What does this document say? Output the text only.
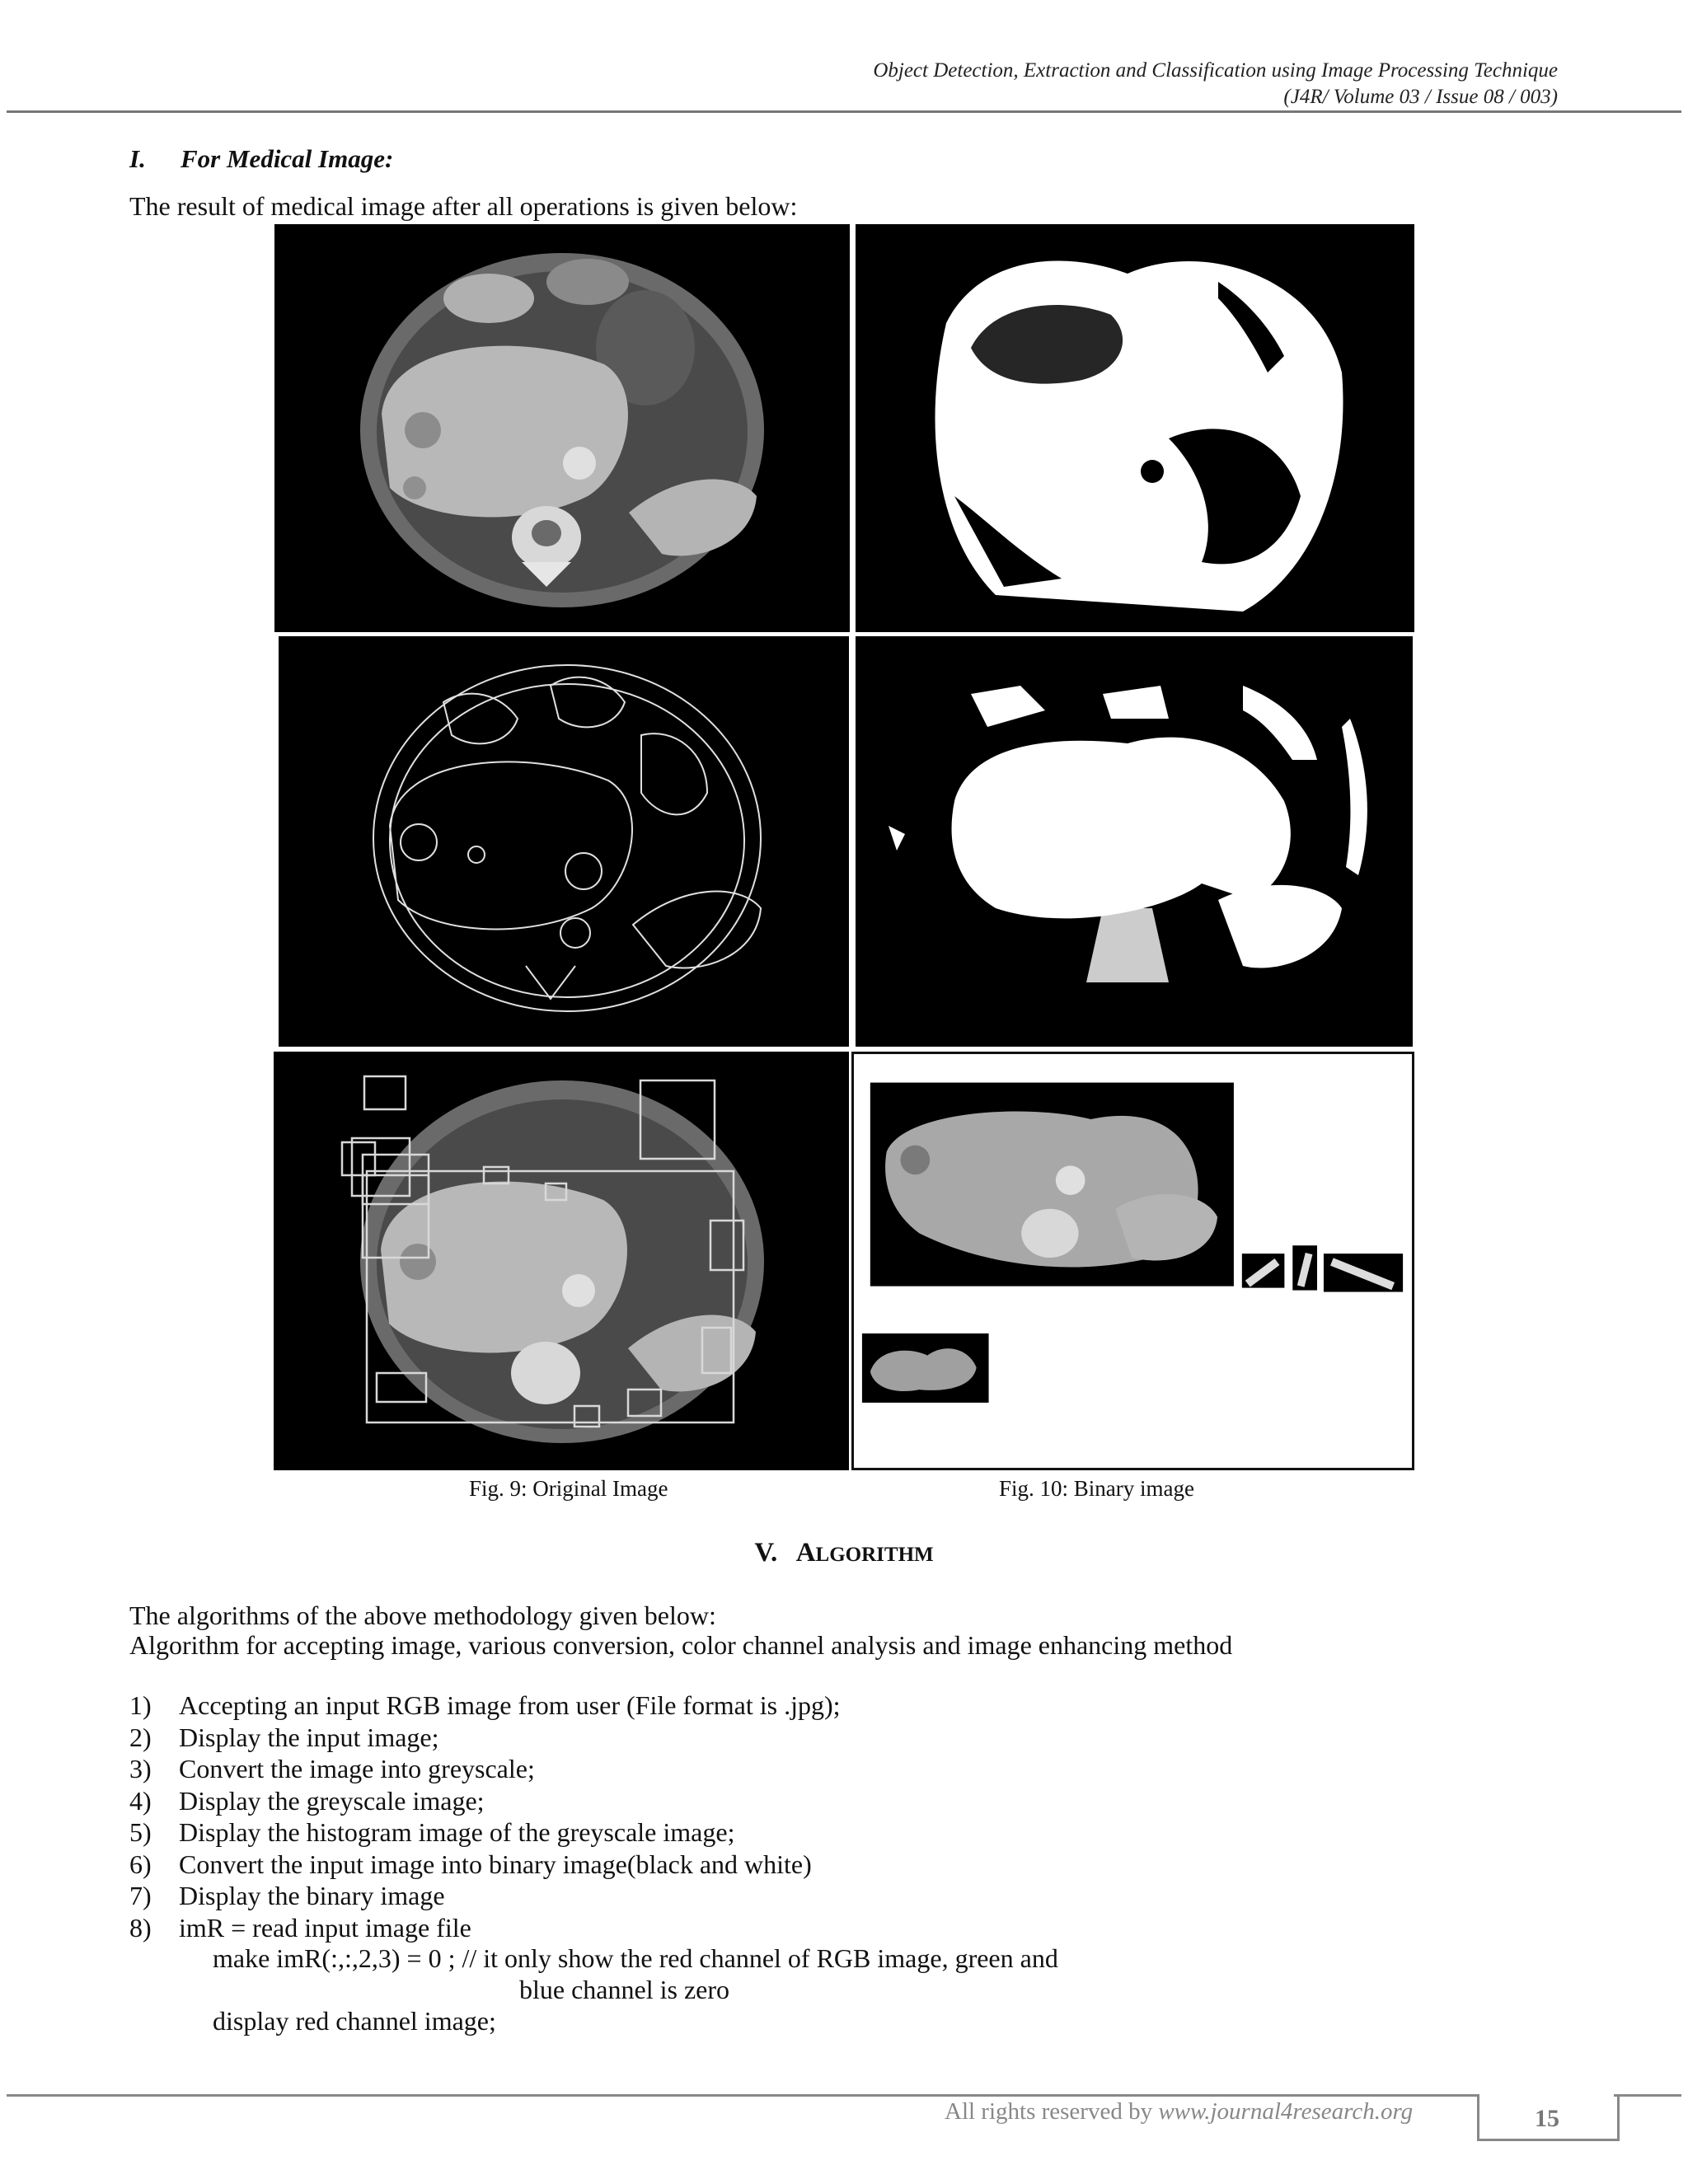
Object Detection, Extraction and Classification using Image Processing Technique
(J4R/ Volume 03 / Issue 08 / 003)
I. For Medical Image:
The result of medical image after all operations is given below:
Fig. 9: Original Image	Fig. 10: Binary image
V. ALGORITHM
The algorithms of the above methodology given below:
Algorithm for accepting image, various conversion, color channel analysis and image enhancing method
1) Accepting an input RGB image from user (File format is .jpg);
2) Display the input image;
3) Convert the image into greyscale;
4) Display the greyscale image;
5) Display the histogram image of the greyscale image;
6) Convert the input image into binary image(black and white)
7) Display the binary image
8) imR = read input image file
make imR(:,:,2,3) = 0 ; // it only show the red channel of RGB image, green and
blue channel is zero
display red channel image;
All rights reserved by www.journal4research.org	15
